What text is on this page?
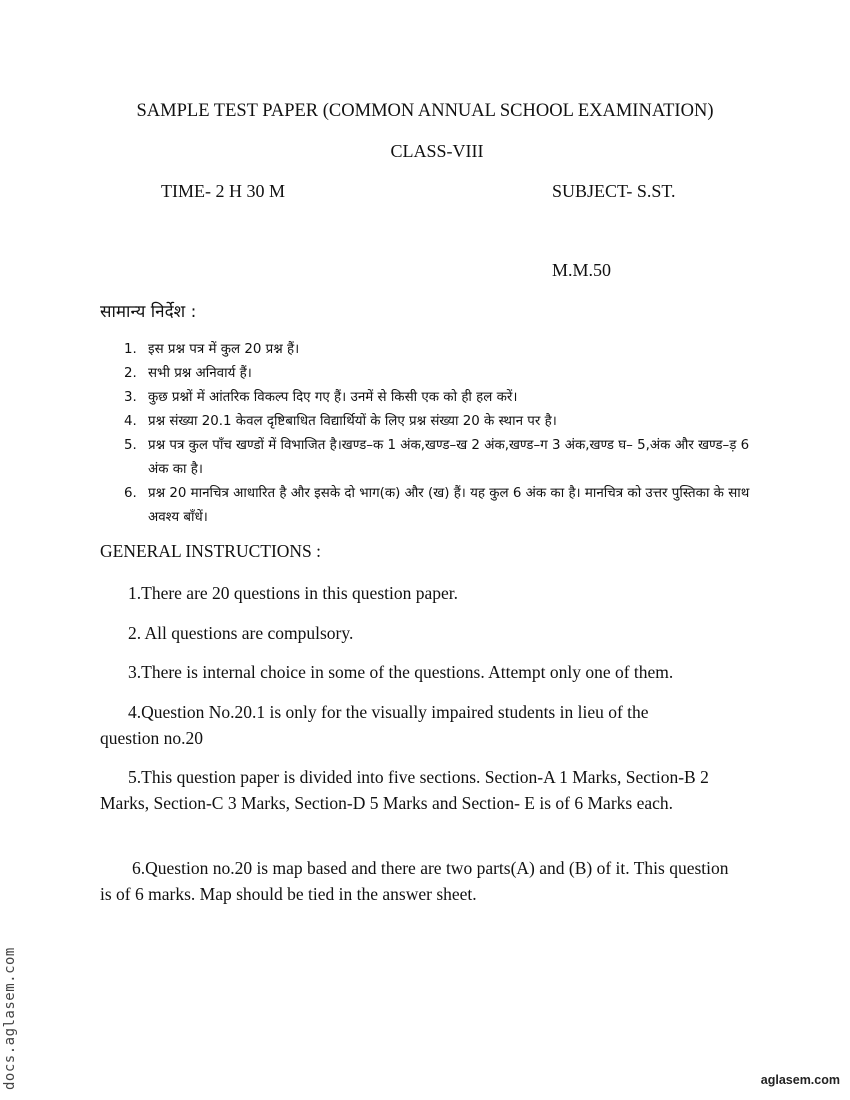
SAMPLE TEST PAPER (COMMON ANNUAL SCHOOL EXAMINATION)
CLASS-VIII
TIME- 2 H 30 M	SUBJECT- S.ST.
M.M.50
सामान्य निर्देश :
1. इस प्रश्न पत्र में कुल 20 प्रश्न हैं।
2. सभी प्रश्न अनिवार्य हैं।
3. कुछ प्रश्नों में आंतरिक विकल्प दिए गए हैं। उनमें से किसी एक को ही हल करें।
4. प्रश्न संख्या 20.1 केवल दृष्टिबाधित विद्यार्थियों के लिए प्रश्न संख्या 20 के स्थान पर है।
5. प्रश्न पत्र कुल पाँच खण्डों में विभाजित है।खण्ड–क 1 अंक,खण्ड–ख 2 अंक,खण्ड–ग 3 अंक,खण्ड घ– 5,अंक और खण्ड–ड़ 6 अंक का है।
6. प्रश्न 20 मानचित्र आधारित है और इसके दो भाग(क) और (ख) हैं। यह कुल 6 अंक का है। मानचित्र को उत्तर पुस्तिका के साथ अवश्य बाँधें।
GENERAL INSTRUCTIONS :
1.There are 20 questions in this question paper.
2. All questions are compulsory.
3.There is internal choice in some of the questions. Attempt only one of them.
4.Question No.20.1 is only for the visually impaired students in lieu of the question no.20
5.This question paper is divided into five sections. Section-A 1 Marks, Section-B 2 Marks, Section-C 3 Marks, Section-D 5 Marks and Section- E is of 6 Marks each.
6.Question no.20 is map based and there are two parts(A) and (B) of it. This question is of 6 marks. Map should be tied in the answer sheet.
docs.aglasem.com	aglasem.com
